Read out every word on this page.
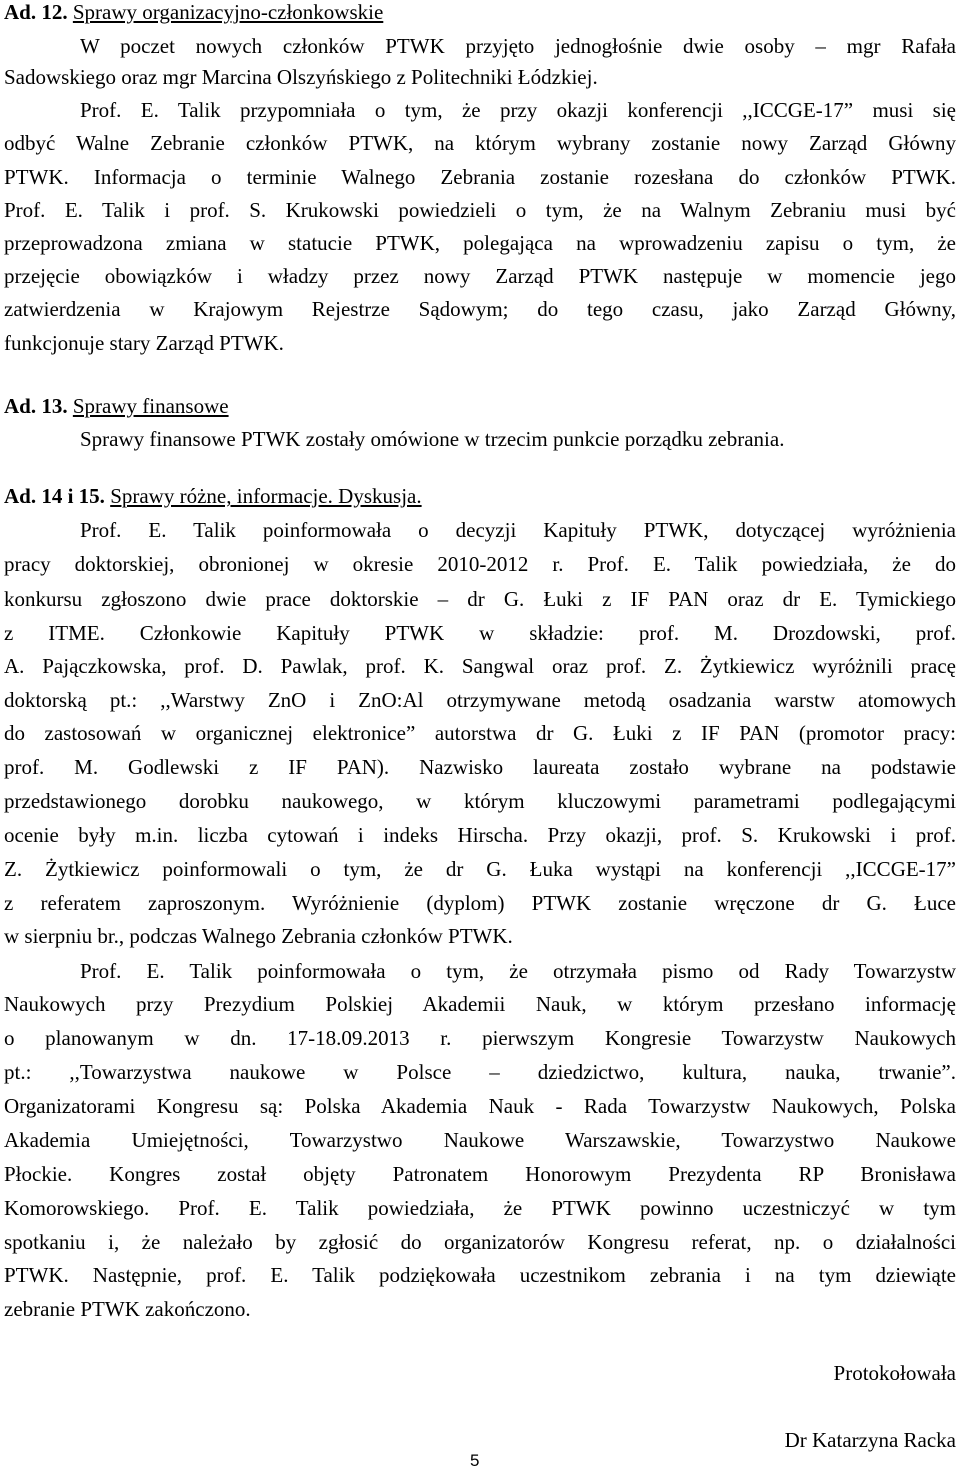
Ad. 12. Sprawy organizacyjno-członkowskie
W poczet nowych członków PTWK przyjęto jednogłośnie dwie osoby – mgr Rafała
Sadowskiego oraz mgr Marcina Olszyńskiego z Politechniki Łódzkiej.
Prof. E. Talik przypomniała o tym, że przy okazji konferencji ,,ICCGE-17” musi się
odbyć Walne Zebranie członków PTWK, na którym wybrany zostanie nowy Zarząd Główny
PTWK. Informacja o terminie Walnego Zebrania zostanie rozesłana do członków PTWK.
Prof. E. Talik i prof. S. Krukowski powiedzieli o tym, że na Walnym Zebraniu musi być
przeprowadzona zmiana w statucie PTWK, polegająca na wprowadzeniu zapisu o tym, że
przejęcie obowiązków i władzy przez nowy Zarząd PTWK następuje w momencie jego
zatwierdzenia w Krajowym Rejestrze Sądowym; do tego czasu, jako Zarząd Główny,
funkcjonuje stary Zarząd PTWK.
Ad. 13. Sprawy finansowe
Sprawy finansowe PTWK zostały omówione w trzecim punkcie porządku zebrania.
Ad. 14 i 15. Sprawy różne, informacje. Dyskusja.
Prof. E. Talik poinformowała o decyzji Kapituły PTWK, dotyczącej wyróżnienia
pracy doktorskiej, obronionej w okresie 2010-2012 r. Prof. E. Talik powiedziała, że do
konkursu zgłoszono dwie prace doktorskie – dr G. Łuki z IF PAN oraz dr E. Tymickiego
z ITME. Członkowie Kapituły PTWK w składzie: prof. M. Drozdowski, prof.
A. Pajączkowska, prof. D. Pawlak, prof. K. Sangwal oraz prof. Z. Żytkiewicz wyróżnili pracę
doktorską pt.: ,,Warstwy ZnO i ZnO:Al otrzymywane metodą osadzania warstw atomowych
do zastosowań w organicznej elektronice” autorstwa dr G. Łuki z IF PAN (promotor pracy:
prof. M. Godlewski z IF PAN). Nazwisko laureata zostało wybrane na podstawie
przedstawionego dorobku naukowego, w którym kluczowymi parametrami podlegającymi
ocenie były m.in. liczba cytowań i indeks Hirscha. Przy okazji, prof. S. Krukowski i prof.
Z. Żytkiewicz poinformowali o tym, że dr G. Łuka wystąpi na konferencji ,,ICCGE-17”
z referatem zaproszonym. Wyróżnienie (dyplom) PTWK zostanie wręczone dr G. Łuce
w sierpniu br., podczas Walnego Zebrania członków PTWK.
Prof. E. Talik poinformowała o tym, że otrzymała pismo od Rady Towarzystw
Naukowych przy Prezydium Polskiej Akademii Nauk, w którym przesłano informację
o planowanym w dn. 17-18.09.2013 r. pierwszym Kongresie Towarzystw Naukowych
pt.: ,,Towarzystwa naukowe w Polsce – dziedzictwo, kultura, nauka, trwanie”.
Organizatorami Kongresu są: Polska Akademia Nauk - Rada Towarzystw Naukowych, Polska
Akademia Umiejętności, Towarzystwo Naukowe Warszawskie, Towarzystwo Naukowe
Płockie. Kongres został objęty Patronatem Honorowym Prezydenta RP Bronisława
Komorowskiego. Prof. E. Talik powiedziała, że PTWK powinno uczestniczyć w tym
spotkaniu i, że należało by zgłosić do organizatorów Kongresu referat, np. o działalności
PTWK. Następnie, prof. E. Talik podziękowała uczestnikom zebrania i na tym dziewiąte
zebranie PTWK zakończono.
Protokołowała
Dr Katarzyna Racka
5
